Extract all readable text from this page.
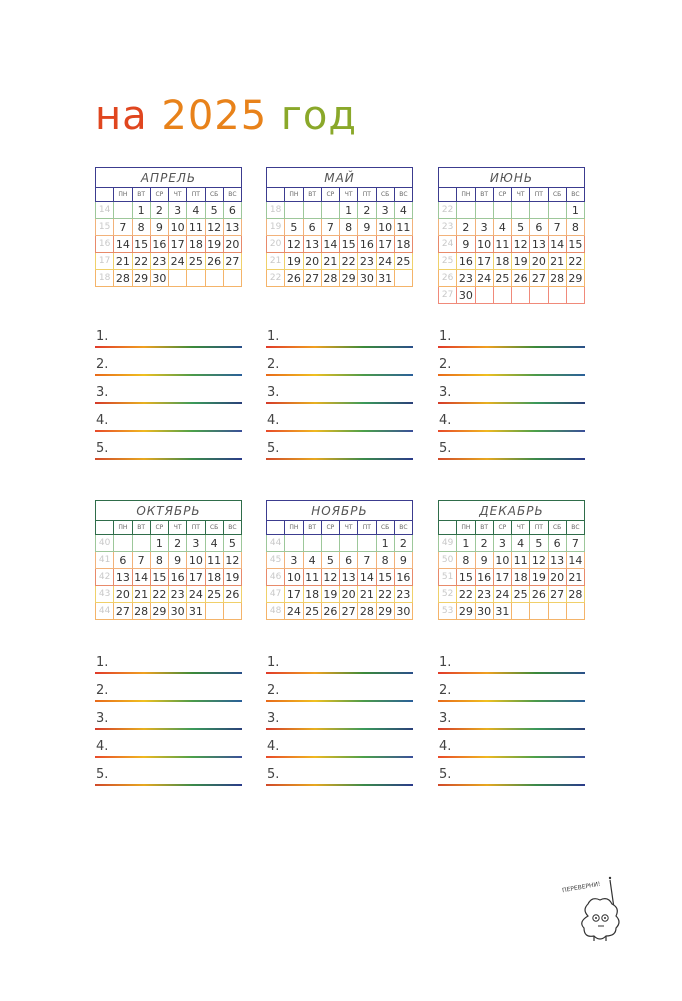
на 2025 год
АПРЕЛЬ							
	ПН	ВТ	СР	ЧТ	ПТ	СБ	ВС
14		1	2	3	4	5	6
15	7	8	9	10	11	12	13
16	14	15	16	17	18	19	20
17	21	22	23	24	25	26	27
18	28	29	30				
1.
2.
3.
4.
5.
МАЙ							
	ПН	ВТ	СР	ЧТ	ПТ	СБ	ВС
18				1	2	3	4
19	5	6	7	8	9	10	11
20	12	13	14	15	16	17	18
21	19	20	21	22	23	24	25
22	26	27	28	29	30	31	
1.
2.
3.
4.
5.
ИЮНЬ							
	ПН	ВТ	СР	ЧТ	ПТ	СБ	ВС
22							1
23	2	3	4	5	6	7	8
24	9	10	11	12	13	14	15
25	16	17	18	19	20	21	22
26	23	24	25	26	27	28	29
27	30						
1.
2.
3.
4.
5.
ОКТЯБРЬ							
	ПН	ВТ	СР	ЧТ	ПТ	СБ	ВС
40			1	2	3	4	5
41	6	7	8	9	10	11	12
42	13	14	15	16	17	18	19
43	20	21	22	23	24	25	26
44	27	28	29	30	31		
1.
2.
3.
4.
5.
НОЯБРЬ							
	ПН	ВТ	СР	ЧТ	ПТ	СБ	ВС
44						1	2
45	3	4	5	6	7	8	9
46	10	11	12	13	14	15	16
47	17	18	19	20	21	22	23
48	24	25	26	27	28	29	30
1.
2.
3.
4.
5.
ДЕКАБРЬ							
	ПН	ВТ	СР	ЧТ	ПТ	СБ	ВС
49	1	2	3	4	5	6	7
50	8	9	10	11	12	13	14
51	15	16	17	18	19	20	21
52	22	23	24	25	26	27	28
53	29	30	31				
1.
2.
3.
4.
5.
ПЕРЕВЕРНИ!
